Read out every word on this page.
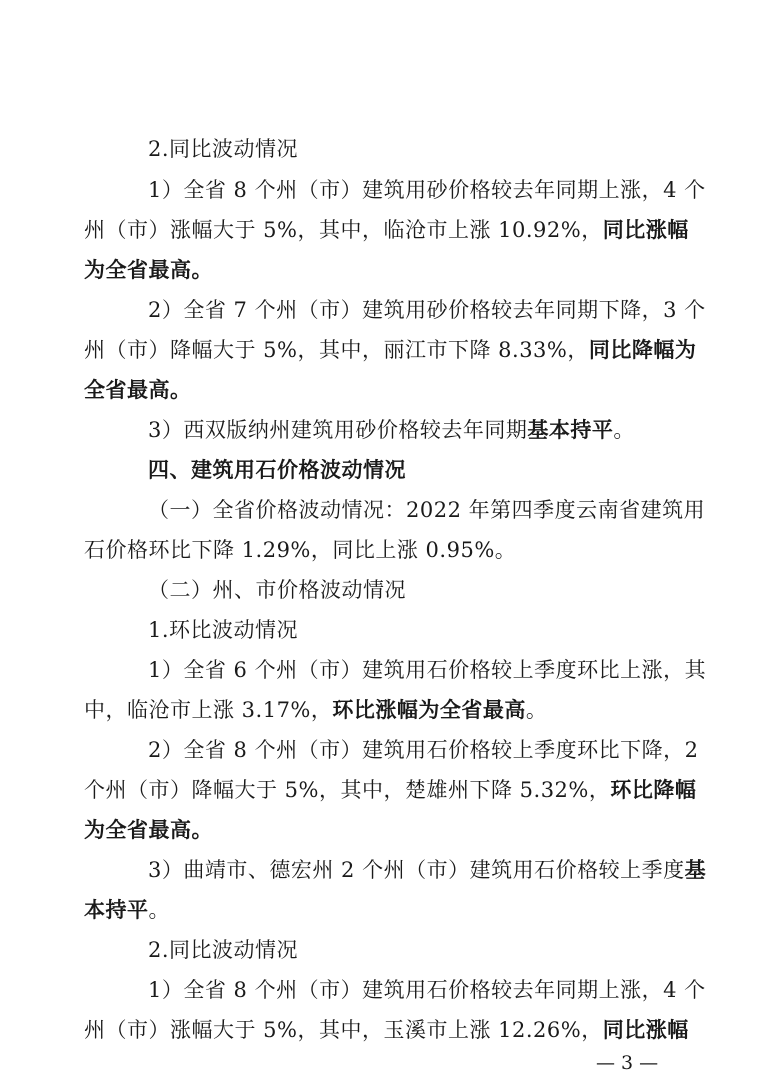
2.同比波动情况
1）全省 8 个州（市）建筑用砂价格较去年同期上涨，4 个
州（市）涨幅大于 5%，其中，临沧市上涨 10.92%，同比涨幅
为全省最高。
2）全省 7 个州（市）建筑用砂价格较去年同期下降，3 个
州（市）降幅大于 5%，其中，丽江市下降 8.33%，同比降幅为
全省最高。
3）西双版纳州建筑用砂价格较去年同期基本持平。
四、建筑用石价格波动情况
（一）全省价格波动情况：2022 年第四季度云南省建筑用
石价格环比下降 1.29%，同比上涨 0.95%。
（二）州、市价格波动情况
1.环比波动情况
1）全省 6 个州（市）建筑用石价格较上季度环比上涨，其
中，临沧市上涨 3.17%，环比涨幅为全省最高。
2）全省 8 个州（市）建筑用石价格较上季度环比下降，2
个州（市）降幅大于 5%，其中，楚雄州下降 5.32%，环比降幅
为全省最高。
3）曲靖市、德宏州 2 个州（市）建筑用石价格较上季度基
本持平。
2.同比波动情况
1）全省 8 个州（市）建筑用石价格较去年同期上涨，4 个
州（市）涨幅大于 5%，其中，玉溪市上涨 12.26%，同比涨幅
— 3 —
